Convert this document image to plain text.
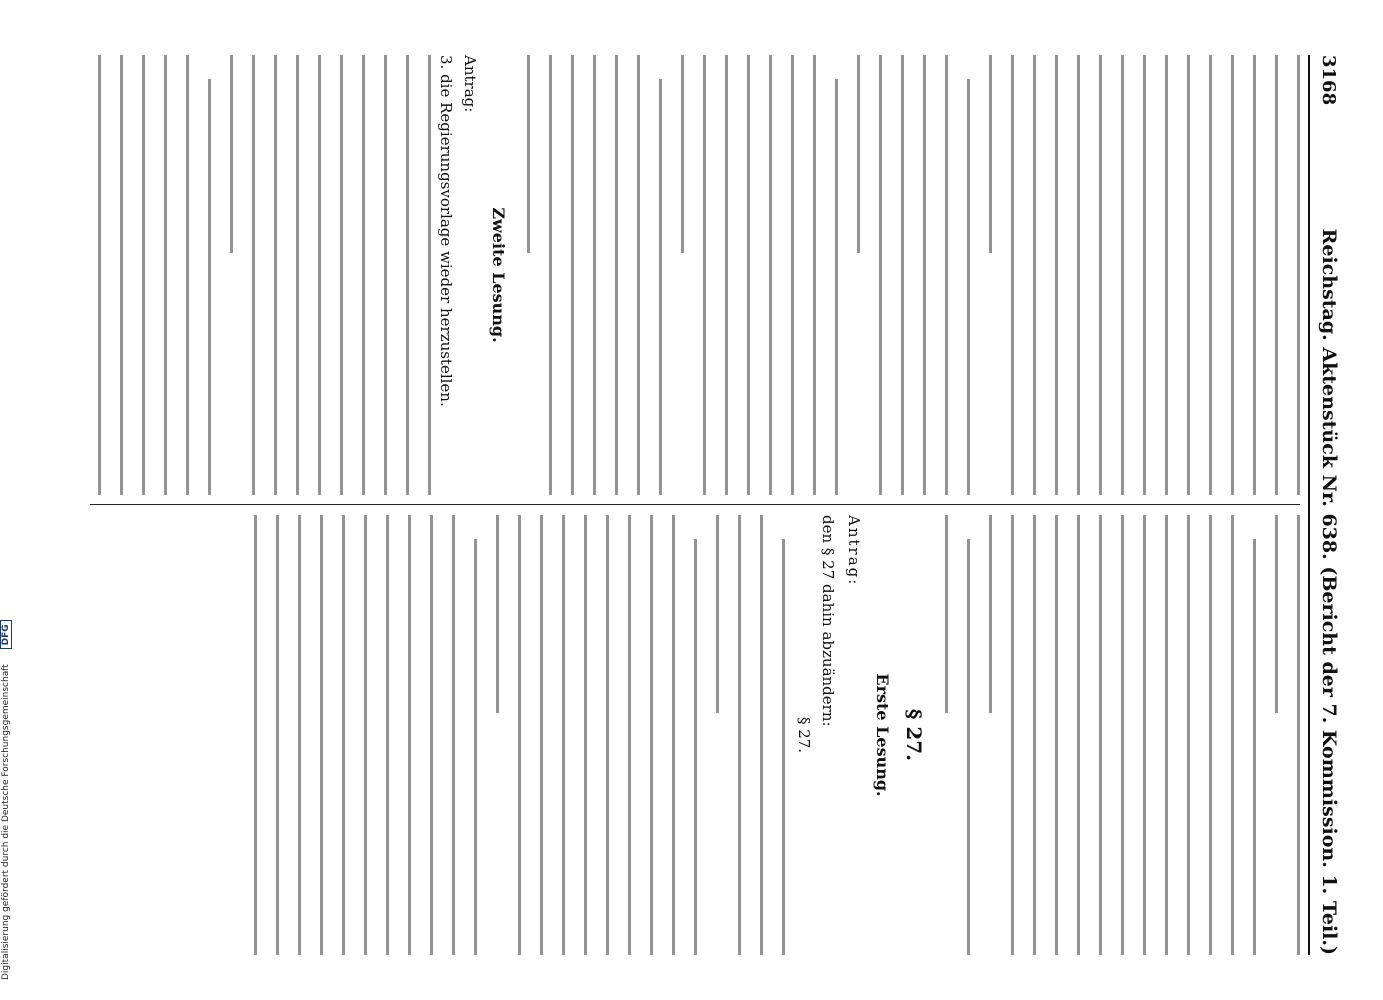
3168
Reichstag. Aktenstück Nr. 638. (Bericht der 7. Kommission. 1. Teil.)
Zweite Lesung.
Antrag:
3. die Regierungsvorlage wieder herzustellen.
§ 27.
Erste Lesung.
Antrag:
den § 27 dahin abzuändern:
§ 27.
Digitalisierung gefördert durch die Deutsche Forschungsgemeinschaft DFG
